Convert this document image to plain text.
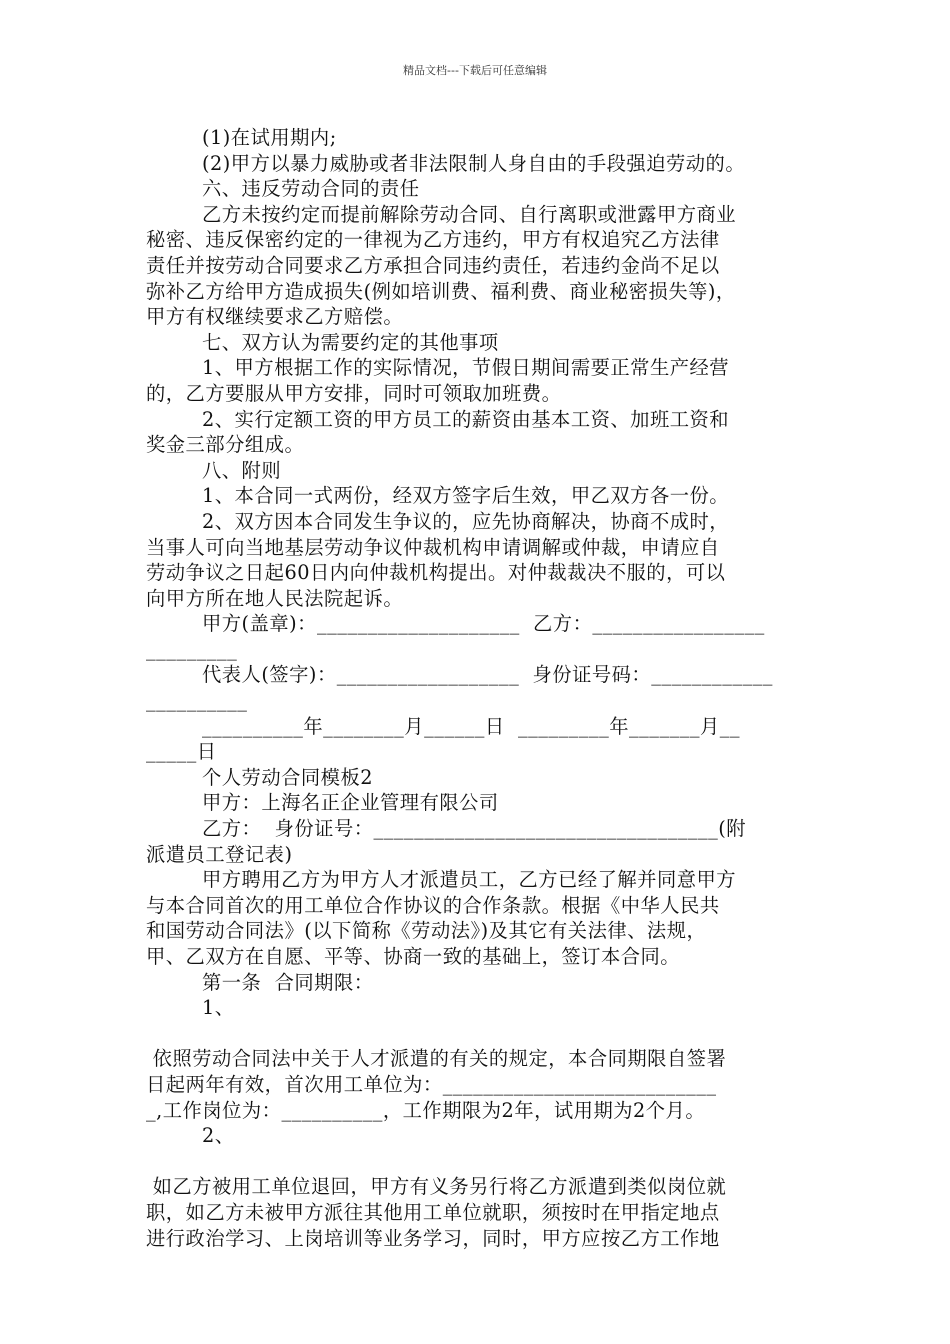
精品文档---下载后可任意编辑

(1)在试用期内;

(2)甲方以暴力威胁或者非法限制人身自由的手段强迫劳动的。

六、违反劳动合同的责任

乙方未按约定而提前解除劳动合同、自行离职或泄露甲方商业

秘密、违反保密约定的一律视为乙方违约，甲方有权追究乙方法律

责任并按劳动合同要求乙方承担合同违约责任，若违约金尚不足以

弥补乙方给甲方造成损失(例如培训费、福利费、商业秘密损失等)，

甲方有权继续要求乙方赔偿。

七、双方认为需要约定的其他事项

1、甲方根据工作的实际情况，节假日期间需要正常生产经营

的，乙方要服从甲方安排，同时可领取加班费。

2、实行定额工资的甲方员工的薪资由基本工资、加班工资和

奖金三部分组成。

八、附则

1、本合同一式两份，经双方签字后生效，甲乙双方各一份。

2、双方因本合同发生争议的，应先协商解决，协商不成时，

当事人可向当地基层劳动争议仲裁机构申请调解或仲裁，申请应自

劳动争议之日起60日内向仲裁机构提出。对仲裁裁决不服的，可以

向甲方所在地人民法院起诉。

甲方(盖章)：____________________  乙方：_________________

_________

代表人(签字)：__________________  身份证号码：____________

__________

__________年________月______日  _________年_______月__

_____日

个人劳动合同模板2

甲方：上海名正企业管理有限公司

乙方：  身份证号：__________________________________(附

派遣员工登记表)

甲方聘用乙方为甲方人才派遣员工，乙方已经了解并同意甲方

与本合同首次的用工单位合作协议的合作条款。根据《中华人民共

和国劳动合同法》(以下简称《劳动法》)及其它有关法律、法规，

甲、乙双方在自愿、平等、协商一致的基础上，签订本合同。

第一条  合同期限：

1、

依照劳动合同法中关于人才派遣的有关的规定，本合同期限自签署

日起两年有效，首次用工单位为：___________________________

_,工作岗位为：__________，工作期限为2年，试用期为2个月。

2、

如乙方被用工单位退回，甲方有义务另行将乙方派遣到类似岗位就

职，如乙方未被甲方派往其他用工单位就职，须按时在甲指定地点

进行政治学习、上岗培训等业务学习，同时，甲方应按乙方工作地
